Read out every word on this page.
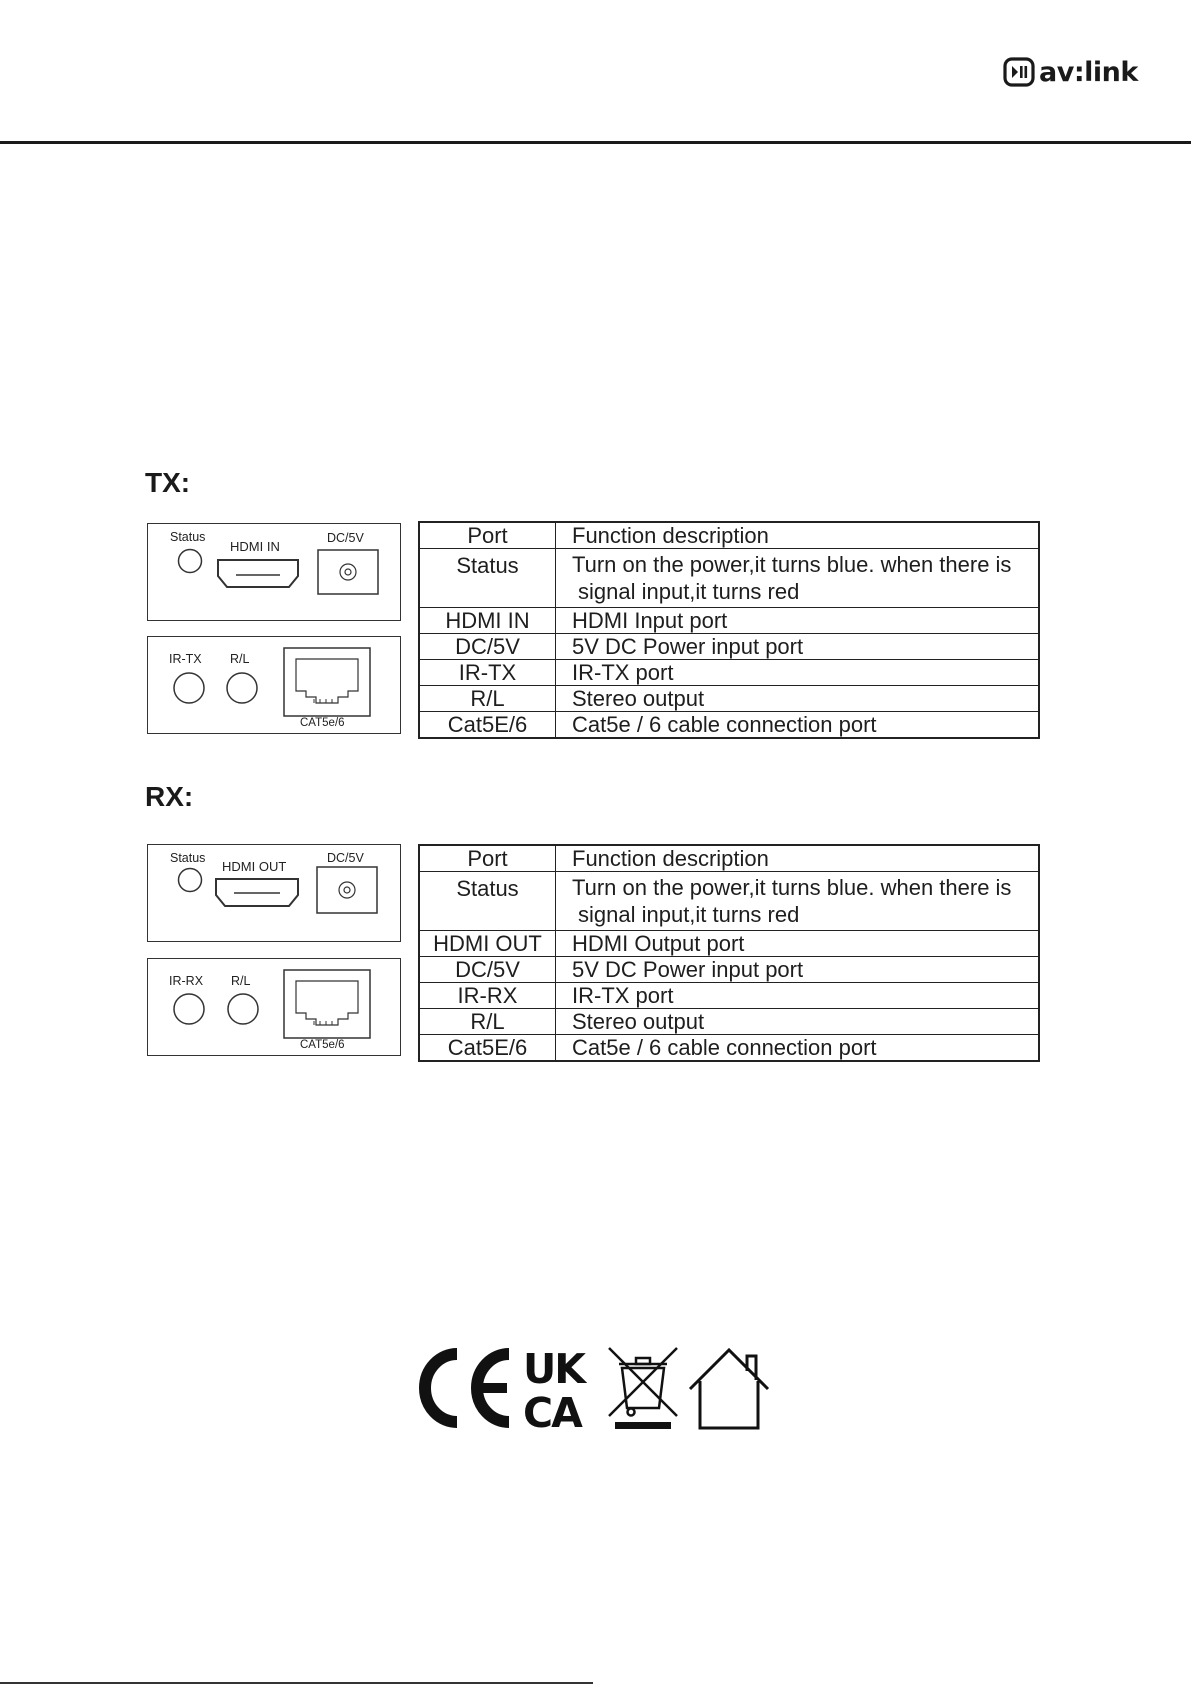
av:link
TX:
Status
HDMI IN
DC/5V
IR-TX R/L
CAT5e/6
Port	Function description
Status	Turn on the power,it turns blue. when there is
signal input,it turns red

HDMI IN	HDMI Input port
DC/5V	5V DC Power input port
IR-TX	IR-TX port
R/L	Stereo output
Cat5E/6	Cat5e / 6 cable connection port
RX:
Status
HDMI OUT
DC/5V
IR-RX R/L
CAT5e/6
Port	Function description
Status	Turn on the power,it turns blue. when there is
signal input,it turns red

HDMI OUT	HDMI Output port
DC/5V	5V DC Power input port
IR-RX	IR-TX port
R/L	Stereo output
Cat5E/6	Cat5e / 6 cable connection port
UK
CA
